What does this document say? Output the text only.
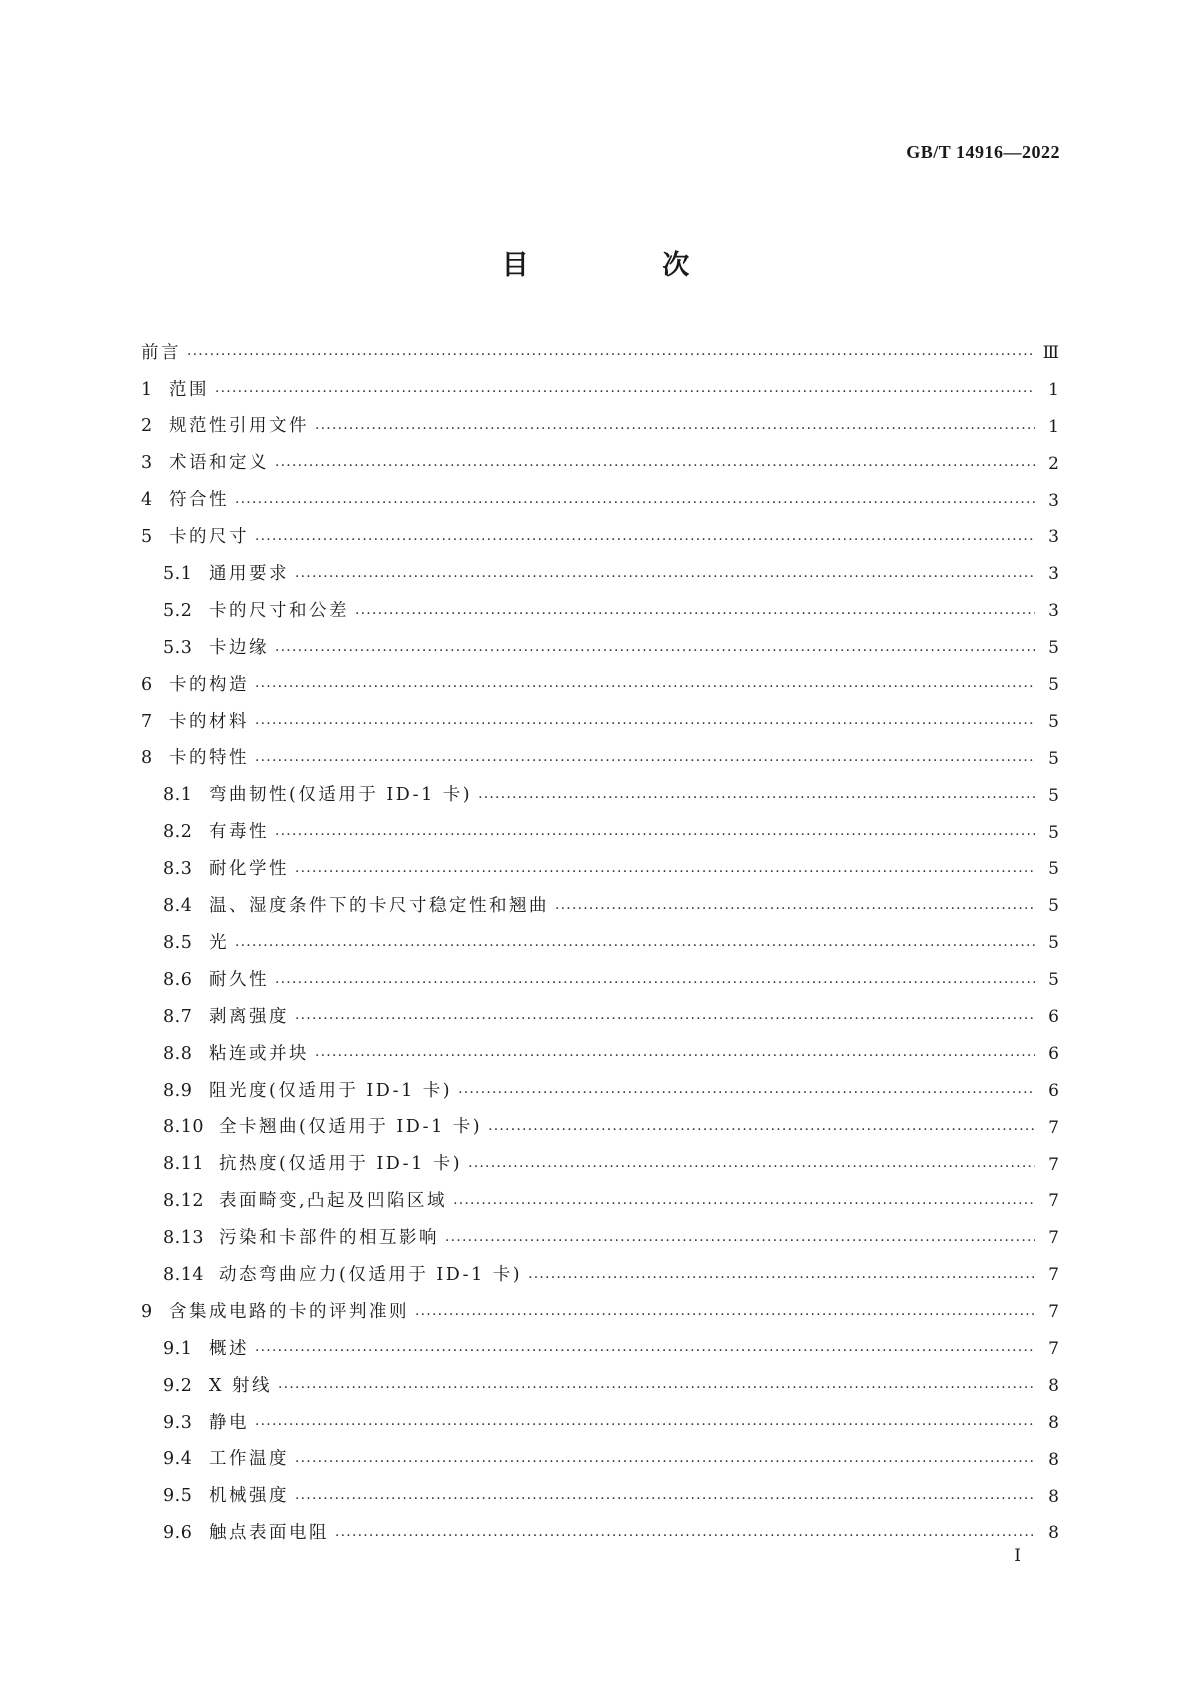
GB/T 14916—2022
目 次
前言 ·····	Ⅲ
1 范围 ·····	1
2 规范性引用文件 ·····	1
3 术语和定义 ·····	2
4 符合性 ·····	3
5 卡的尺寸 ·····	3
5.1 通用要求 ·····	3
5.2 卡的尺寸和公差 ·····	3
5.3 卡边缘 ·····	5
6 卡的构造 ·····	5
7 卡的材料 ·····	5
8 卡的特性 ·····	5
8.1 弯曲韧性(仅适用于 ID-1 卡) ·····	5
8.2 有毒性 ·····	5
8.3 耐化学性 ·····	5
8.4 温、湿度条件下的卡尺寸稳定性和翘曲 ·····	5
8.5 光 ·····	5
8.6 耐久性 ·····	5
8.7 剥离强度 ·····	6
8.8 粘连或并块 ·····	6
8.9 阻光度(仅适用于 ID-1 卡) ·····	6
8.10 全卡翘曲(仅适用于 ID-1 卡) ·····	7
8.11 抗热度(仅适用于 ID-1 卡) ·····	7
8.12 表面畸变,凸起及凹陷区域 ·····	7
8.13 污染和卡部件的相互影响 ·····	7
8.14 动态弯曲应力(仅适用于 ID-1 卡) ·····	7
9 含集成电路的卡的评判准则 ·····	7
9.1 概述 ·····	7
9.2 X 射线 ·····	8
9.3 静电 ·····	8
9.4 工作温度 ·····	8
9.5 机械强度 ·····	8
9.6 触点表面电阻 ·····	8
Ⅰ
